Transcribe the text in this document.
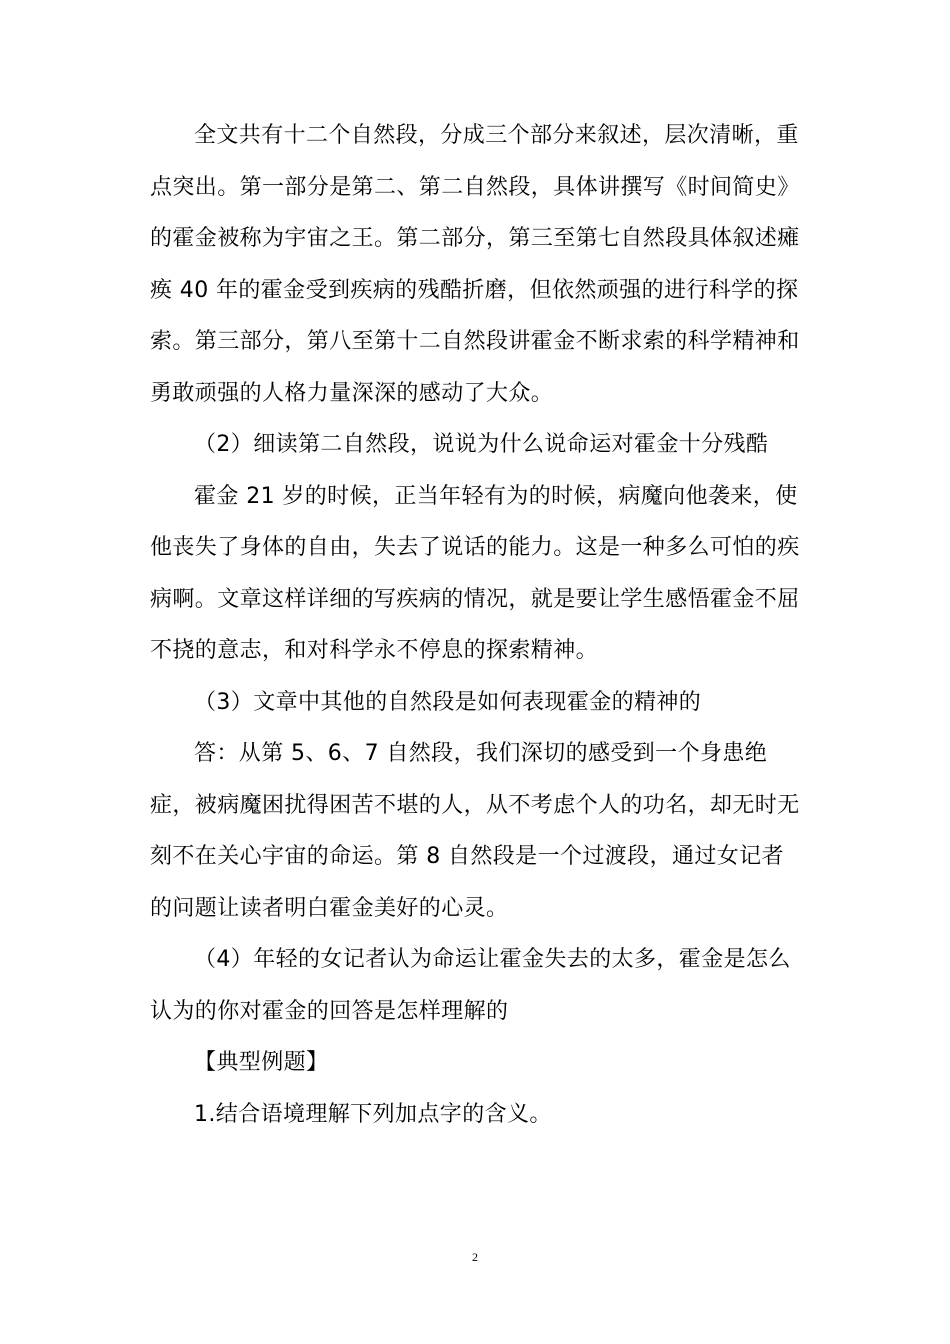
全文共有十二个自然段，分成三个部分来叙述，层次清晰，重点突出。第一部分是第二、第二自然段，具体讲撰写《时间简史》的霍金被称为宇宙之王。第二部分，第三至第七自然段具体叙述瘫痪 40 年的霍金受到疾病的残酷折磨，但依然顽强的进行科学的探索。第三部分，第八至第十二自然段讲霍金不断求索的科学精神和勇敢顽强的人格力量深深的感动了大众。

（2）细读第二自然段，说说为什么说命运对霍金十分残酷

霍金 21 岁的时候，正当年轻有为的时候，病魔向他袭来，使他丧失了身体的自由，失去了说话的能力。这是一种多么可怕的疾病啊。文章这样详细的写疾病的情况，就是要让学生感悟霍金不屈不挠的意志，和对科学永不停息的探索精神。

（3）文章中其他的自然段是如何表现霍金的精神的

答：从第 5、6、7 自然段，我们深切的感受到一个身患绝症，被病魔困扰得困苦不堪的人，从不考虑个人的功名，却无时无刻不在关心宇宙的命运。第 8 自然段是一个过渡段，通过女记者的问题让读者明白霍金美好的心灵。

（4）年轻的女记者认为命运让霍金失去的太多，霍金是怎么认为的你对霍金的回答是怎样理解的

【典型例题】

1.结合语境理解下列加点字的含义。

2
